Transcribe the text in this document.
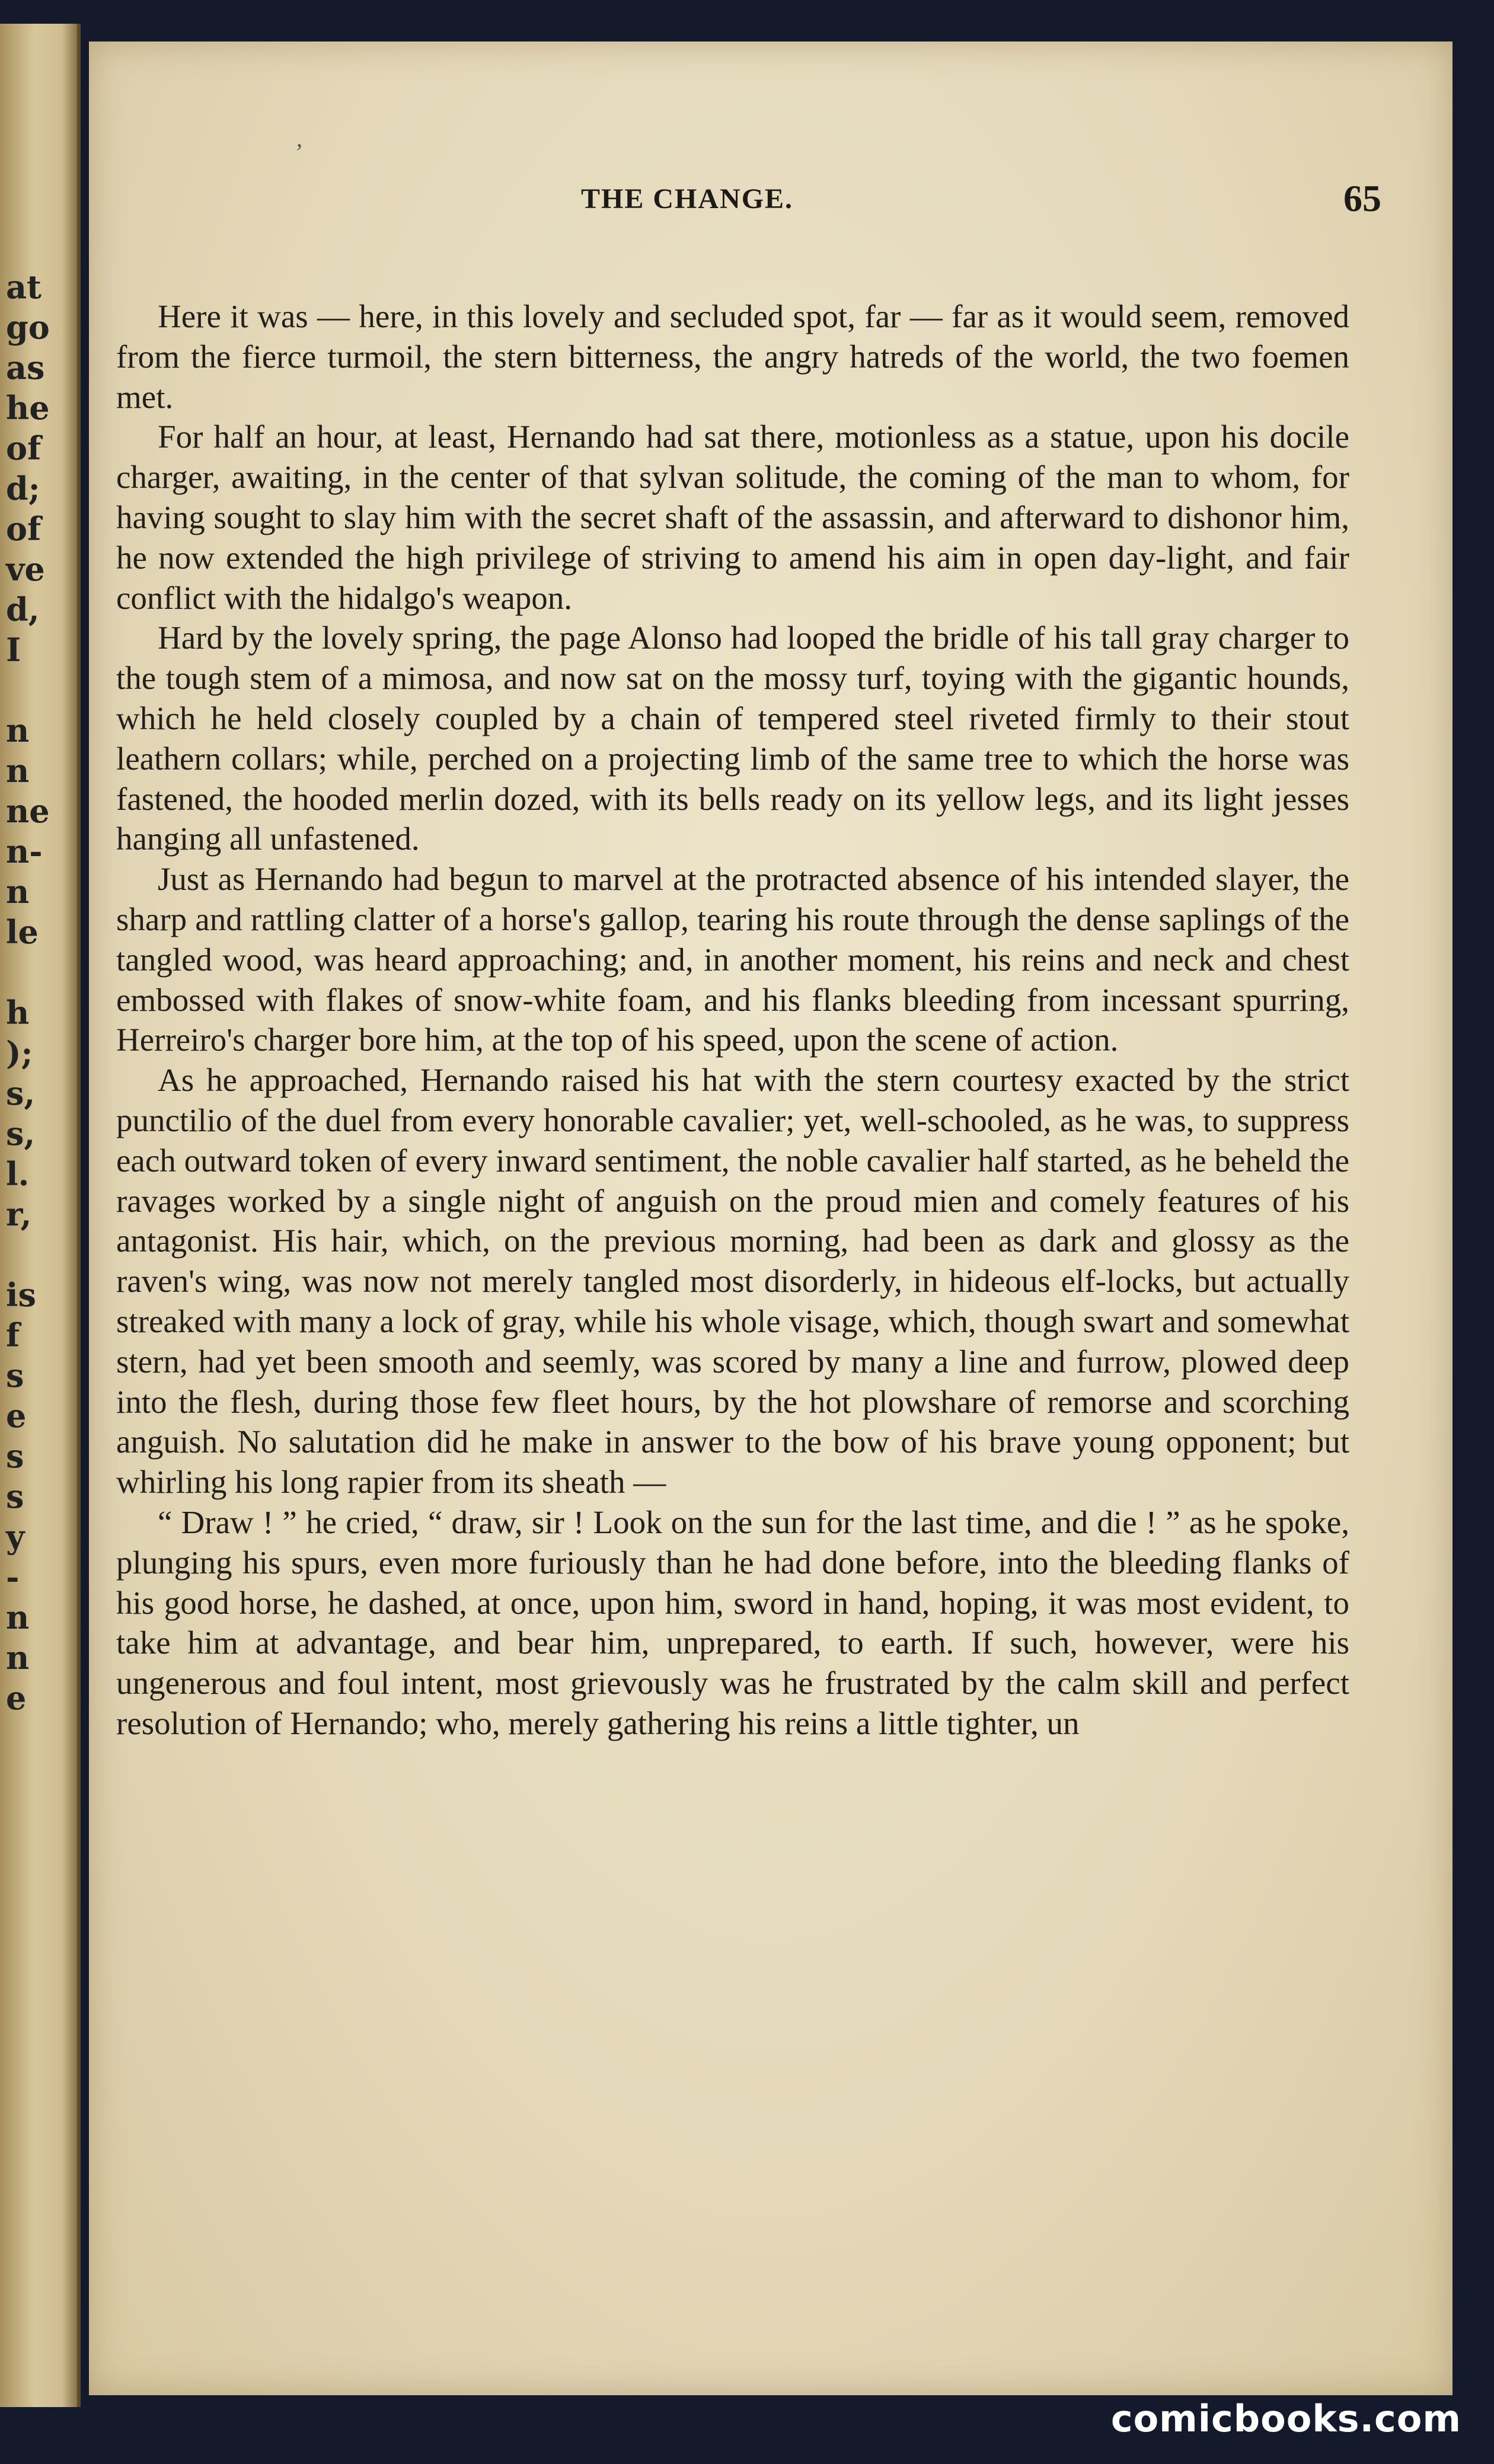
at
go
as
he
of
d;
of
ve
d,
I

n
n
ne
n-
n
le

h
);
s,
s,
l.
r,

is
f
s
e
s
s
y
-
n
n
e
,
THE CHANGE.	65

Here it was — here, in this lovely and secluded spot, far — far as it would seem, removed from the fierce turmoil, the stern bitterness, the angry hatreds of the world, the two foemen met.

For half an hour, at least, Hernando had sat there, motionless as a statue, upon his docile charger, awaiting, in the center of that sylvan solitude, the coming of the man to whom, for having sought to slay him with the secret shaft of the assassin, and afterward to dishonor him, he now extended the high privilege of striving to amend his aim in open day-light, and fair conflict with the hidalgo's weapon.

Hard by the lovely spring, the page Alonso had looped the bridle of his tall gray charger to the tough stem of a mimosa, and now sat on the mossy turf, toying with the gigantic hounds, which he held closely coupled by a chain of tempered steel riveted firmly to their stout leathern collars; while, perched on a projecting limb of the same tree to which the horse was fastened, the hooded merlin dozed, with its bells ready on its yellow legs, and its light jesses hanging all unfastened.

Just as Hernando had begun to marvel at the protracted absence of his intended slayer, the sharp and rattling clatter of a horse's gallop, tearing his route through the dense saplings of the tangled wood, was heard approaching; and, in another moment, his reins and neck and chest embossed with flakes of snow-white foam, and his flanks bleeding from incessant spurring, Herreiro's charger bore him, at the top of his speed, upon the scene of action.

As he approached, Hernando raised his hat with the stern courtesy exacted by the strict punctilio of the duel from every honorable cavalier; yet, well-schooled, as he was, to suppress each outward token of every inward sentiment, the noble cavalier half started, as he beheld the ravages worked by a single night of anguish on the proud mien and comely features of his antagonist. His hair, which, on the previous morning, had been as dark and glossy as the raven's wing, was now not merely tangled most disorderly, in hideous elf-locks, but actually streaked with many a lock of gray, while his whole visage, which, though swart and somewhat stern, had yet been smooth and seemly, was scored by many a line and furrow, plowed deep into the flesh, during those few fleet hours, by the hot plowshare of remorse and scorching anguish. No salutation did he make in answer to the bow of his brave young opponent; but whirling his long rapier from its sheath —

“ Draw ! ” he cried, “ draw, sir ! Look on the sun for the last time, and die ! ” as he spoke, plunging his spurs, even more furiously than he had done before, into the bleeding flanks of his good horse, he dashed, at once, upon him, sword in hand, hoping, it was most evident, to take him at advantage, and bear him, unprepared, to earth. If such, however, were his ungenerous and foul intent, most grievously was he frustrated by the calm skill and perfect resolution of Hernando; who, merely gathering his reins a little tighter, un

comicbooks.com
